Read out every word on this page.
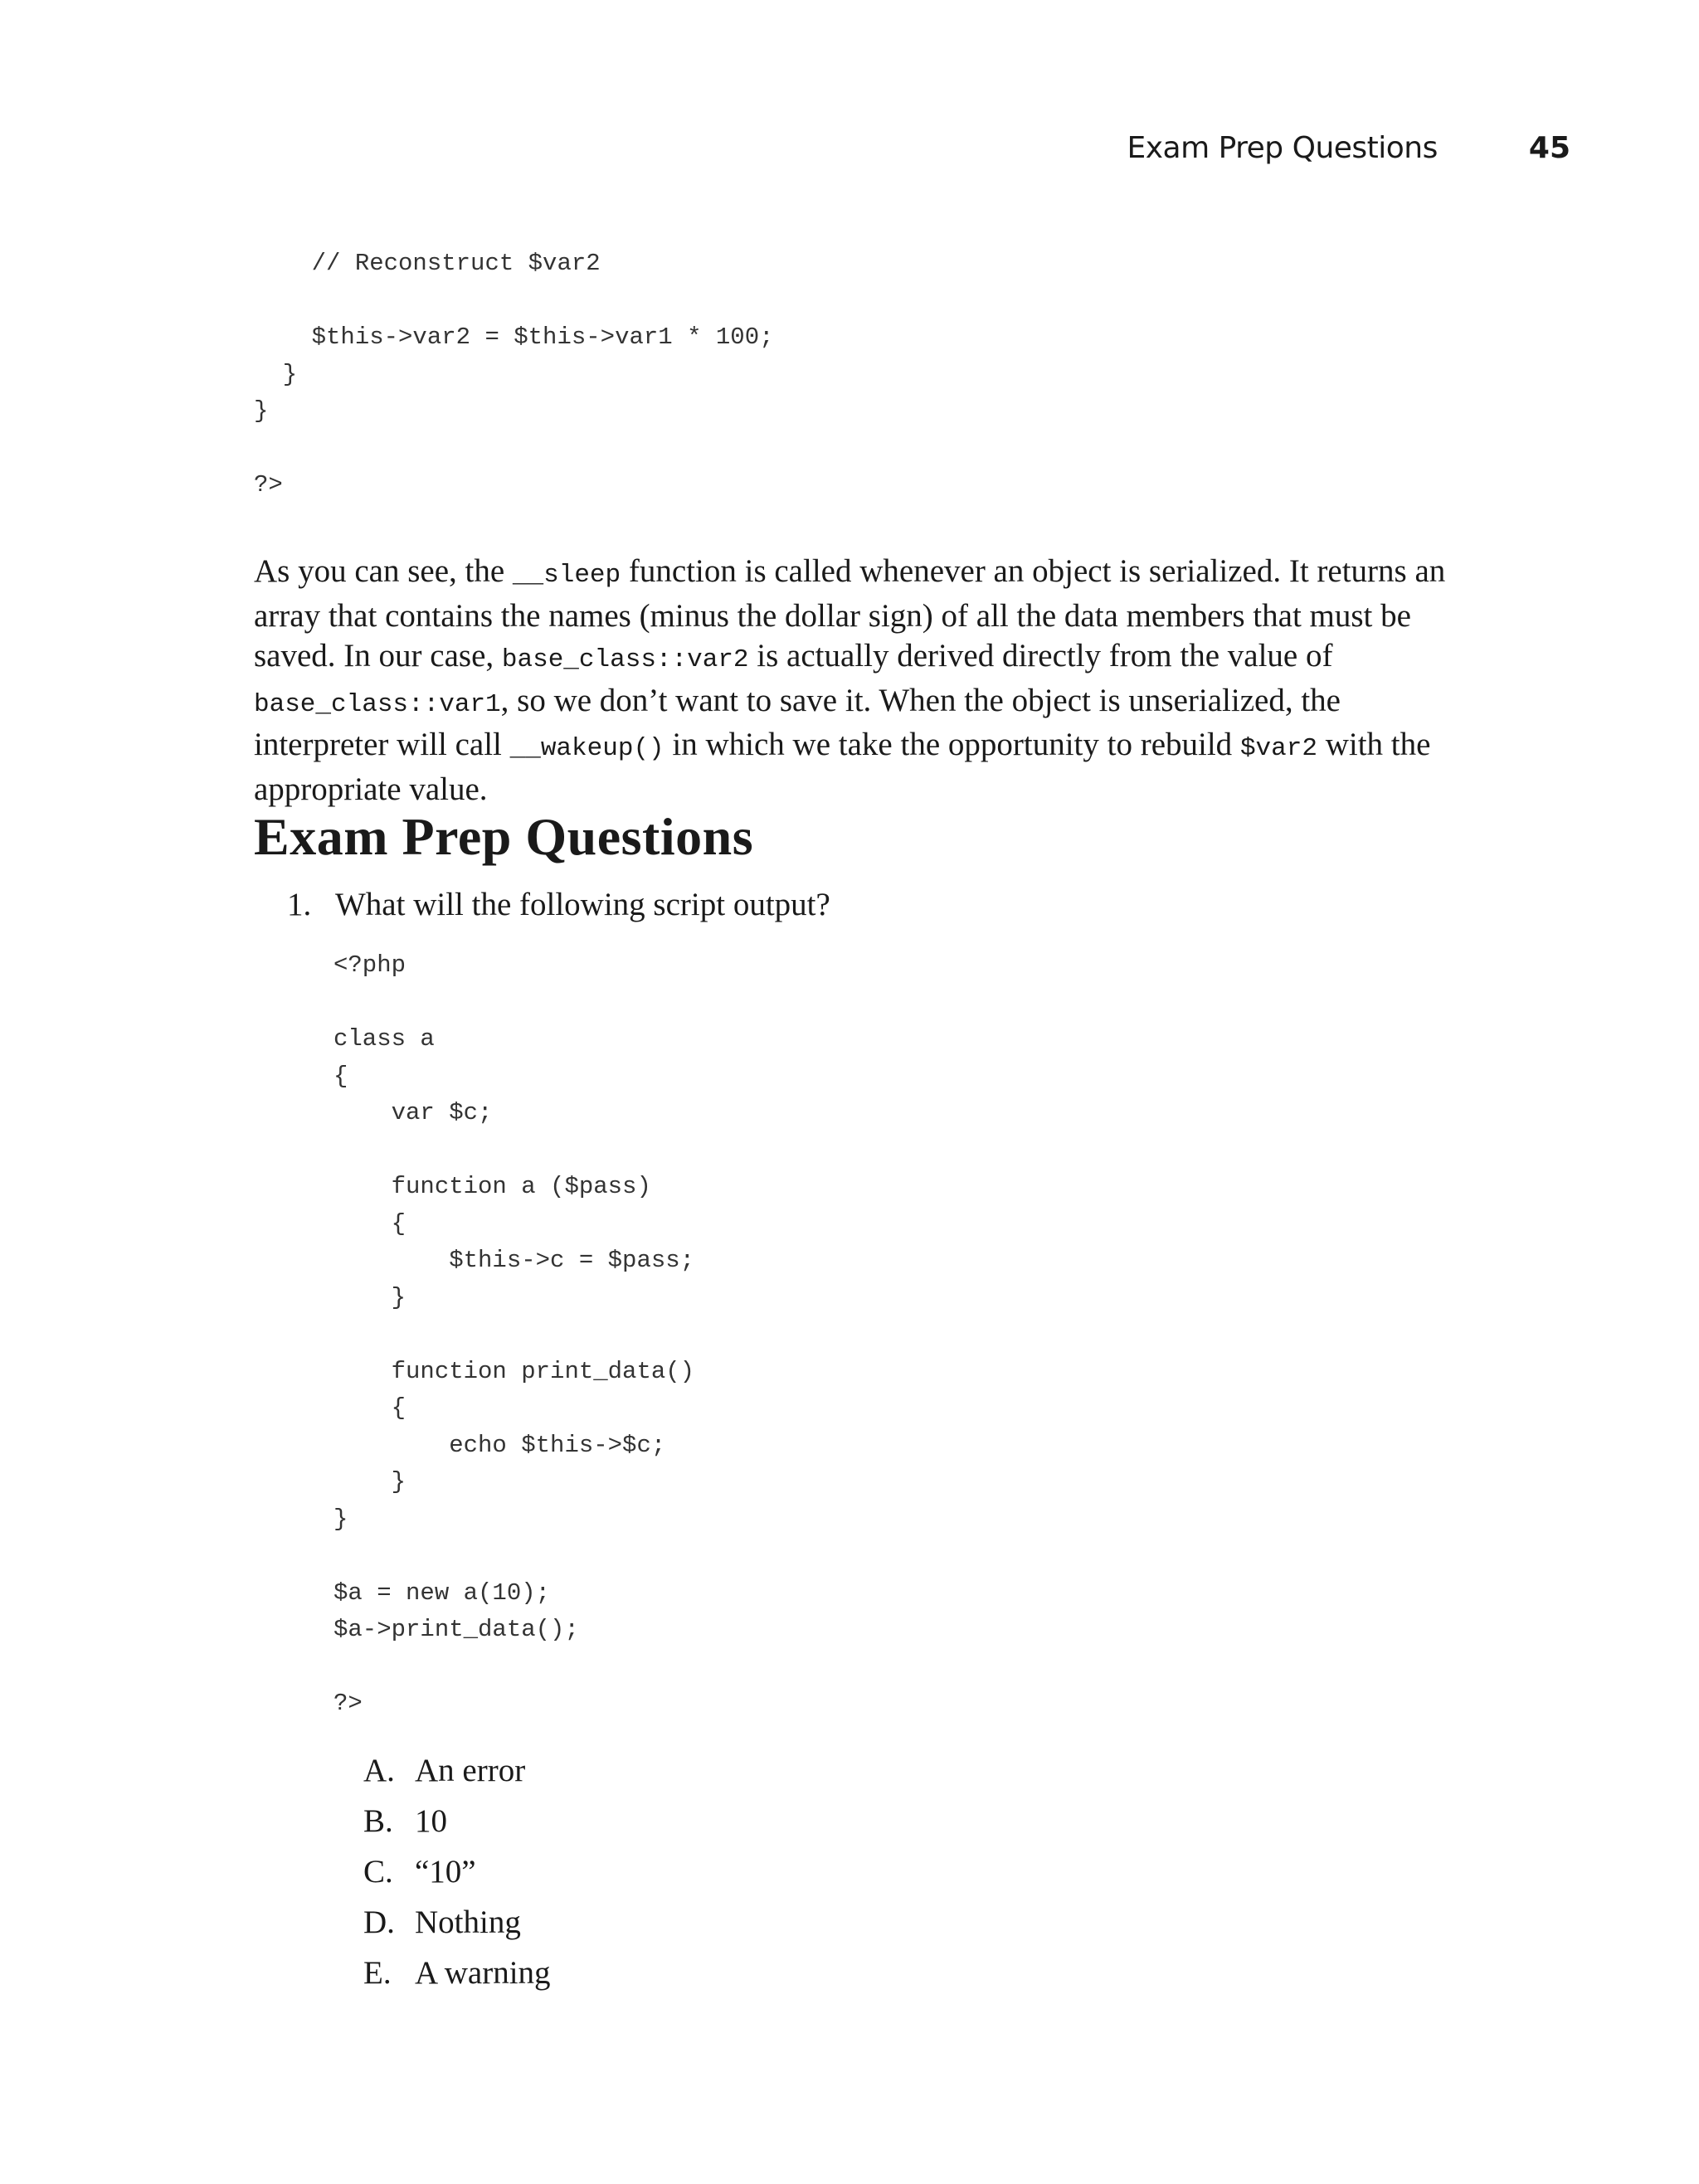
Exam Prep Questions	45
// Reconstruct $var2

$this->var2 = $this->var1 * 100;
}
}

?>

As you can see, the __sleep function is called whenever an object is serialized. It returns an array that contains the names (minus the dollar sign) of all the data members that must be saved. In our case, base_class::var2 is actually derived directly from the value of base_class::var1, so we don’t want to save it. When the object is unserialized, the interpreter will call __wakeup() in which we take the opportunity to rebuild $var2 with the appropriate value.

Exam Prep Questions
1. What will the following script output?
<?php

class a
{
var $c;

function a ($pass)
{
$this->c = $pass;
}

function print_data()
{
echo $this->$c;
}
}

$a = new a(10);
$a->print_data();

?>
A. An error
B. 10
C. “10”
D. Nothing
E. A warning
